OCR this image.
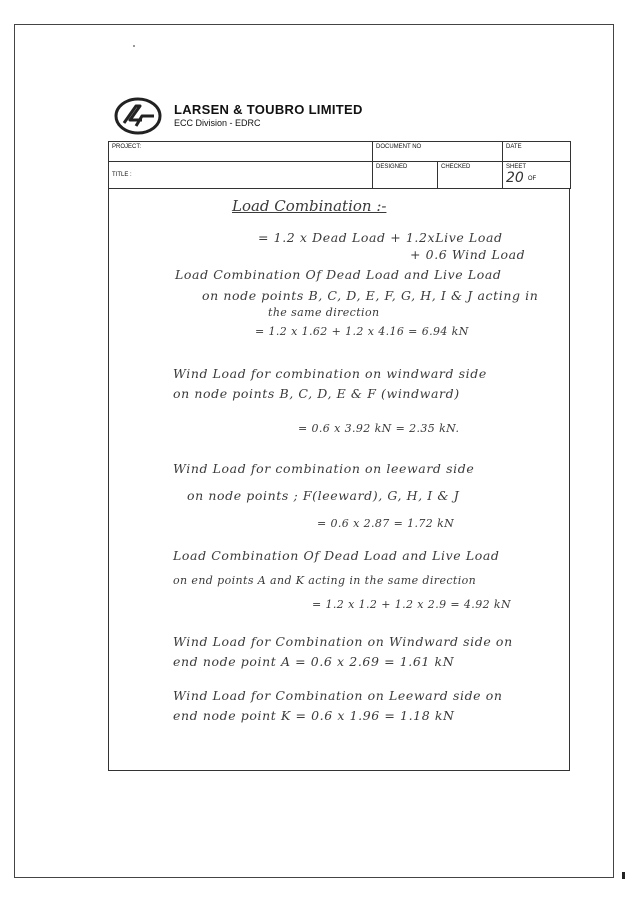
LARSEN & TOUBRO LIMITED
ECC Division - EDRC
PROJECT:	DOCUMENT NO		DATE
TITLE :	DESIGNED	CHECKED	SHEET
20 OF
Load Combination :-
= 1.2 x Dead Load + 1.2xLive Load
+ 0.6 Wind Load
Load Combination Of Dead Load and Live Load
on node points B, C, D, E, F, G, H, I & J acting in
the same direction
= 1.2 x 1.62 + 1.2 x 4.16 = 6.94 kN
Wind Load for combination on windward side
on node points B, C, D, E & F (windward)
= 0.6 x 3.92 kN = 2.35 kN.
Wind Load for combination on leeward side
on node points ; F(leeward), G, H, I & J
= 0.6 x 2.87 = 1.72 kN
Load Combination Of Dead Load and Live Load
on end points A and K acting in the same direction
= 1.2 x 1.2 + 1.2 x 2.9 = 4.92 kN
Wind Load for Combination on Windward side on
end node point A = 0.6 x 2.69 = 1.61 kN
Wind Load for Combination on Leeward side on
end node point K = 0.6 x 1.96 = 1.18 kN
